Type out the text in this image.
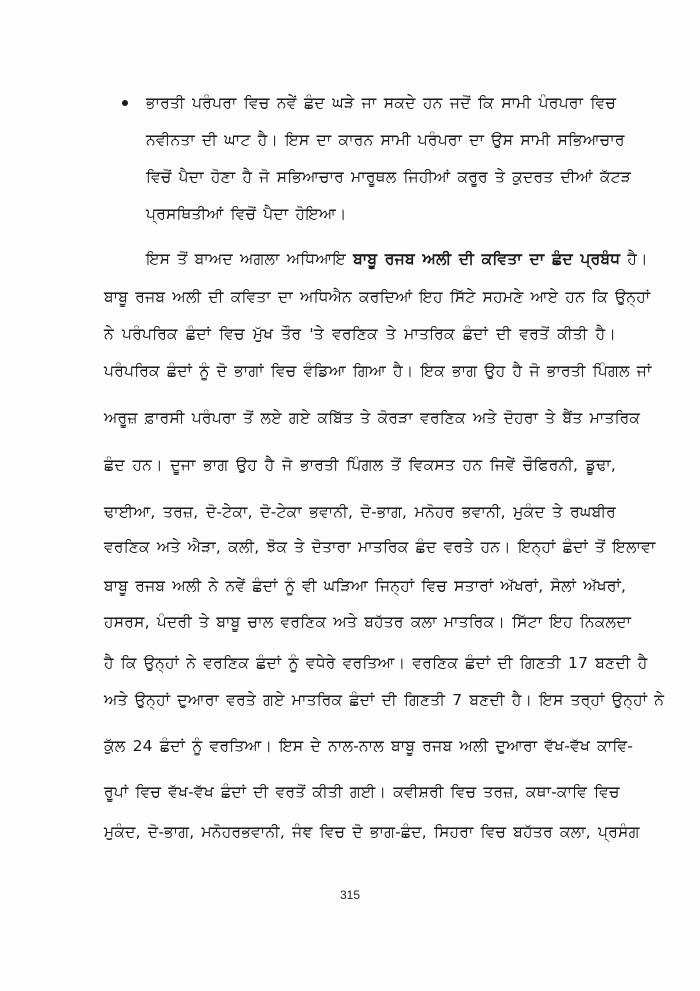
ਭਾਰਤੀ ਪਰੰਪਰਾ ਵਿਚ ਨਵੇਂ ਛੰਦ ਘੜੇ ਜਾ ਸਕਦੇ ਹਨ ਜਦੋਂ ਕਿ ਸਾਮੀ ਪੰਰਪਰਾ ਵਿਚ
ਨਵੀਨਤਾ ਦੀ ਘਾਟ ਹੈ। ਇਸ ਦਾ ਕਾਰਨ ਸਾਮੀ ਪਰੰਪਰਾ ਦਾ ਉਸ ਸਾਮੀ ਸਭਿਆਚਾਰ
ਵਿਚੋਂ ਪੈਦਾ ਹੋਣਾ ਹੈ ਜੋ ਸਭਿਆਚਾਰ ਮਾਰੂਥਲ ਜਿਹੀਆਂ ਕਰੂਰ ਤੇ ਕੁਦਰਤ ਦੀਆਂ ਕੱਟੜ
ਪ੍ਰਸਥਿਤੀਆਂ ਵਿਚੋਂ ਪੈਦਾ ਹੋਇਆ।
ਇਸ ਤੋਂ ਬਾਅਦ ਅਗਲਾ ਅਧਿਆਇ ਬਾਬੂ ਰਜਬ ਅਲੀ ਦੀ ਕਵਿਤਾ ਦਾ ਛੰਦ ਪ੍ਰਬੰਧ ਹੈ।
ਬਾਬੂ ਰਜਬ ਅਲੀ ਦੀ ਕਵਿਤਾ ਦਾ ਅਧਿਐਨ ਕਰਦਿਆਂ ਇਹ ਸਿੱਟੇ ਸਹਮਣੇ ਆਏ ਹਨ ਕਿ ਉਨ੍ਹਾਂ
ਨੇ ਪਰੰਪਰਿਕ ਛੰਦਾਂ ਵਿਚ ਮੁੱਖ ਤੌਰ 'ਤੇ ਵਰਣਿਕ ਤੇ ਮਾਤਰਿਕ ਛੰਦਾਂ ਦੀ ਵਰਤੋਂ ਕੀਤੀ ਹੈ।
ਪਰੰਪਰਿਕ ਛੰਦਾਂ ਨੂੰ ਦੋ ਭਾਗਾਂ ਵਿਚ ਵੰਡਿਆ ਗਿਆ ਹੈ। ਇਕ ਭਾਗ ਉਹ ਹੈ ਜੋ ਭਾਰਤੀ ਪਿੰਗਲ ਜਾਂ
ਅਰੂਜ਼ ਫ਼ਾਰਸੀ ਪਰੰਪਰਾ ਤੋਂ ਲਏ ਗਏ ਕਬਿੱਤ ਤੇ ਕੋਰੜਾ ਵਰਣਿਕ ਅਤੇ ਦੋਹਰਾ ਤੇ ਬੈਂਤ ਮਾਤਰਿਕ
ਛੰਦ ਹਨ। ਦੂਜਾ ਭਾਗ ਉਹ ਹੈ ਜੋ ਭਾਰਤੀ ਪਿੰਗਲ ਤੋਂ ਵਿਕਸਤ ਹਨ ਜਿਵੇਂ ਚੌਫਿਰਨੀ, ਡੂਢਾ,
ਢਾਈਆ, ਤਰਜ਼, ਦੋ-ਟੇਕਾ, ਦੋ-ਟੇਕਾ ਭਵਾਨੀ, ਦੋ-ਭਾਗ, ਮਨੋਹਰ ਭਵਾਨੀ, ਮੁਕੰਦ ਤੇ ਰਘਬੀਰ
ਵਰਣਿਕ ਅਤੇ ਐੜਾ, ਕਲੀ, ਝੋਕ ਤੇ ਦੋਤਾਰਾ ਮਾਤਰਿਕ ਛੰਦ ਵਰਤੇ ਹਨ। ਇਨ੍ਹਾਂ ਛੰਦਾਂ ਤੋਂ ਇਲਾਵਾ
ਬਾਬੂ ਰਜਬ ਅਲੀ ਨੇ ਨਵੇਂ ਛੰਦਾਂ ਨੂੰ ਵੀ ਘੜਿਆ ਜਿਨ੍ਹਾਂ ਵਿਚ ਸਤਾਰਾਂ ਅੱਖਰਾਂ, ਸੋਲਾਂ ਅੱਖਰਾਂ,
ਹਸਰਸ, ਪੰਦਰੀ ਤੇ ਬਾਬੂ ਚਾਲ ਵਰਣਿਕ ਅਤੇ ਬਹੱਤਰ ਕਲਾ ਮਾਤਰਿਕ। ਸਿੱਟਾ ਇਹ ਨਿਕਲਦਾ
ਹੈ ਕਿ ਉਨ੍ਹਾਂ ਨੇ ਵਰਣਿਕ ਛੰਦਾਂ ਨੂੰ ਵਧੇਰੇ ਵਰਤਿਆ। ਵਰਣਿਕ ਛੰਦਾਂ ਦੀ ਗਿਣਤੀ 17 ਬਣਦੀ ਹੈ
ਅਤੇ ਉਨ੍ਹਾਂ ਦੁਆਰਾ ਵਰਤੇ ਗਏ ਮਾਤਰਿਕ ਛੰਦਾਂ ਦੀ ਗਿਣਤੀ 7 ਬਣਦੀ ਹੈ। ਇਸ ਤਰ੍ਹਾਂ ਉਨ੍ਹਾਂ ਨੇ
ਕੁੱਲ 24 ਛੰਦਾਂ ਨੂੰ ਵਰਤਿਆ। ਇਸ ਦੇ ਨਾਲ-ਨਾਲ ਬਾਬੂ ਰਜਬ ਅਲੀ ਦੁਆਰਾ ਵੱਖ-ਵੱਖ ਕਾਵਿ-
ਰੂਪਾਂ ਵਿਚ ਵੱਖ-ਵੱਖ ਛੰਦਾਂ ਦੀ ਵਰਤੋਂ ਕੀਤੀ ਗਈ। ਕਵੀਸ਼ਰੀ ਵਿਚ ਤਰਜ਼, ਕਥਾ-ਕਾਵਿ ਵਿਚ
ਮੁਕੰਦ, ਦੋ-ਭਾਗ, ਮਨੋਹਰਭਵਾਨੀ, ਜੰਞ ਵਿਚ ਦੋ ਭਾਗ-ਛੰਦ, ਸਿਹਰਾ ਵਿਚ ਬਹੱਤਰ ਕਲਾ, ਪ੍ਰਸੰਗ
315
